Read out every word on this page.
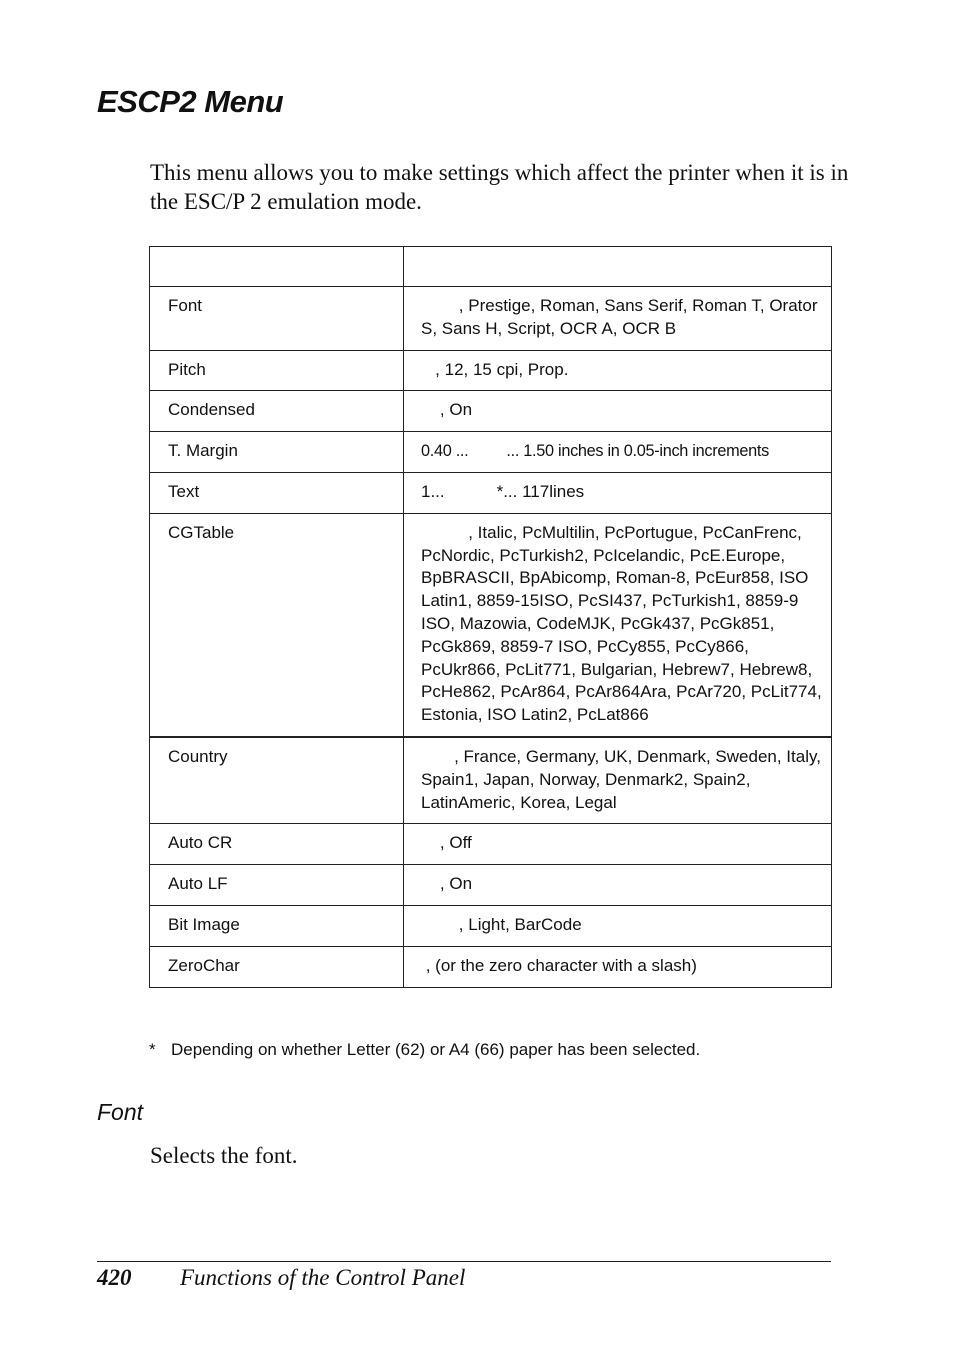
ESCP2 Menu

This menu allows you to make settings which affect the printer when it is in the ESC/P 2 emulation mode.

Font	, Prestige, Roman, Sans Serif, Roman T, Orator S, Sans H, Script, OCR A, OCR B
Pitch	, 12, 15 cpi, Prop.
Condensed	, On
T. Margin	0.40 ...         ... 1.50 inches in 0.05-inch increments
Text	1...           *... 117lines
CGTable	, Italic, PcMultilin, PcPortugue, PcCanFrenc, PcNordic, PcTurkish2, PcIcelandic, PcE.Europe, BpBRASCII, BpAbicomp, Roman-8, PcEur858, ISO Latin1, 8859-15ISO, PcSI437, PcTurkish1, 8859-9 ISO, Mazowia, CodeMJK, PcGk437, PcGk851, PcGk869, 8859-7 ISO, PcCy855, PcCy866, PcUkr866, PcLit771, Bulgarian, Hebrew7, Hebrew8, PcHe862, PcAr864, PcAr864Ara, PcAr720, PcLit774, Estonia, ISO Latin2, PcLat866
Country	, France, Germany, UK, Denmark, Sweden, Italy, Spain1, Japan, Norway, Denmark2, Spain2, LatinAmeric, Korea, Legal
Auto CR	, Off
Auto LF	, On
Bit Image	, Light, BarCode
ZeroChar	, (or the zero character with a slash)

* Depending on whether Letter (62) or A4 (66) paper has been selected.

Font

Selects the font.

420 Functions of the Control Panel
